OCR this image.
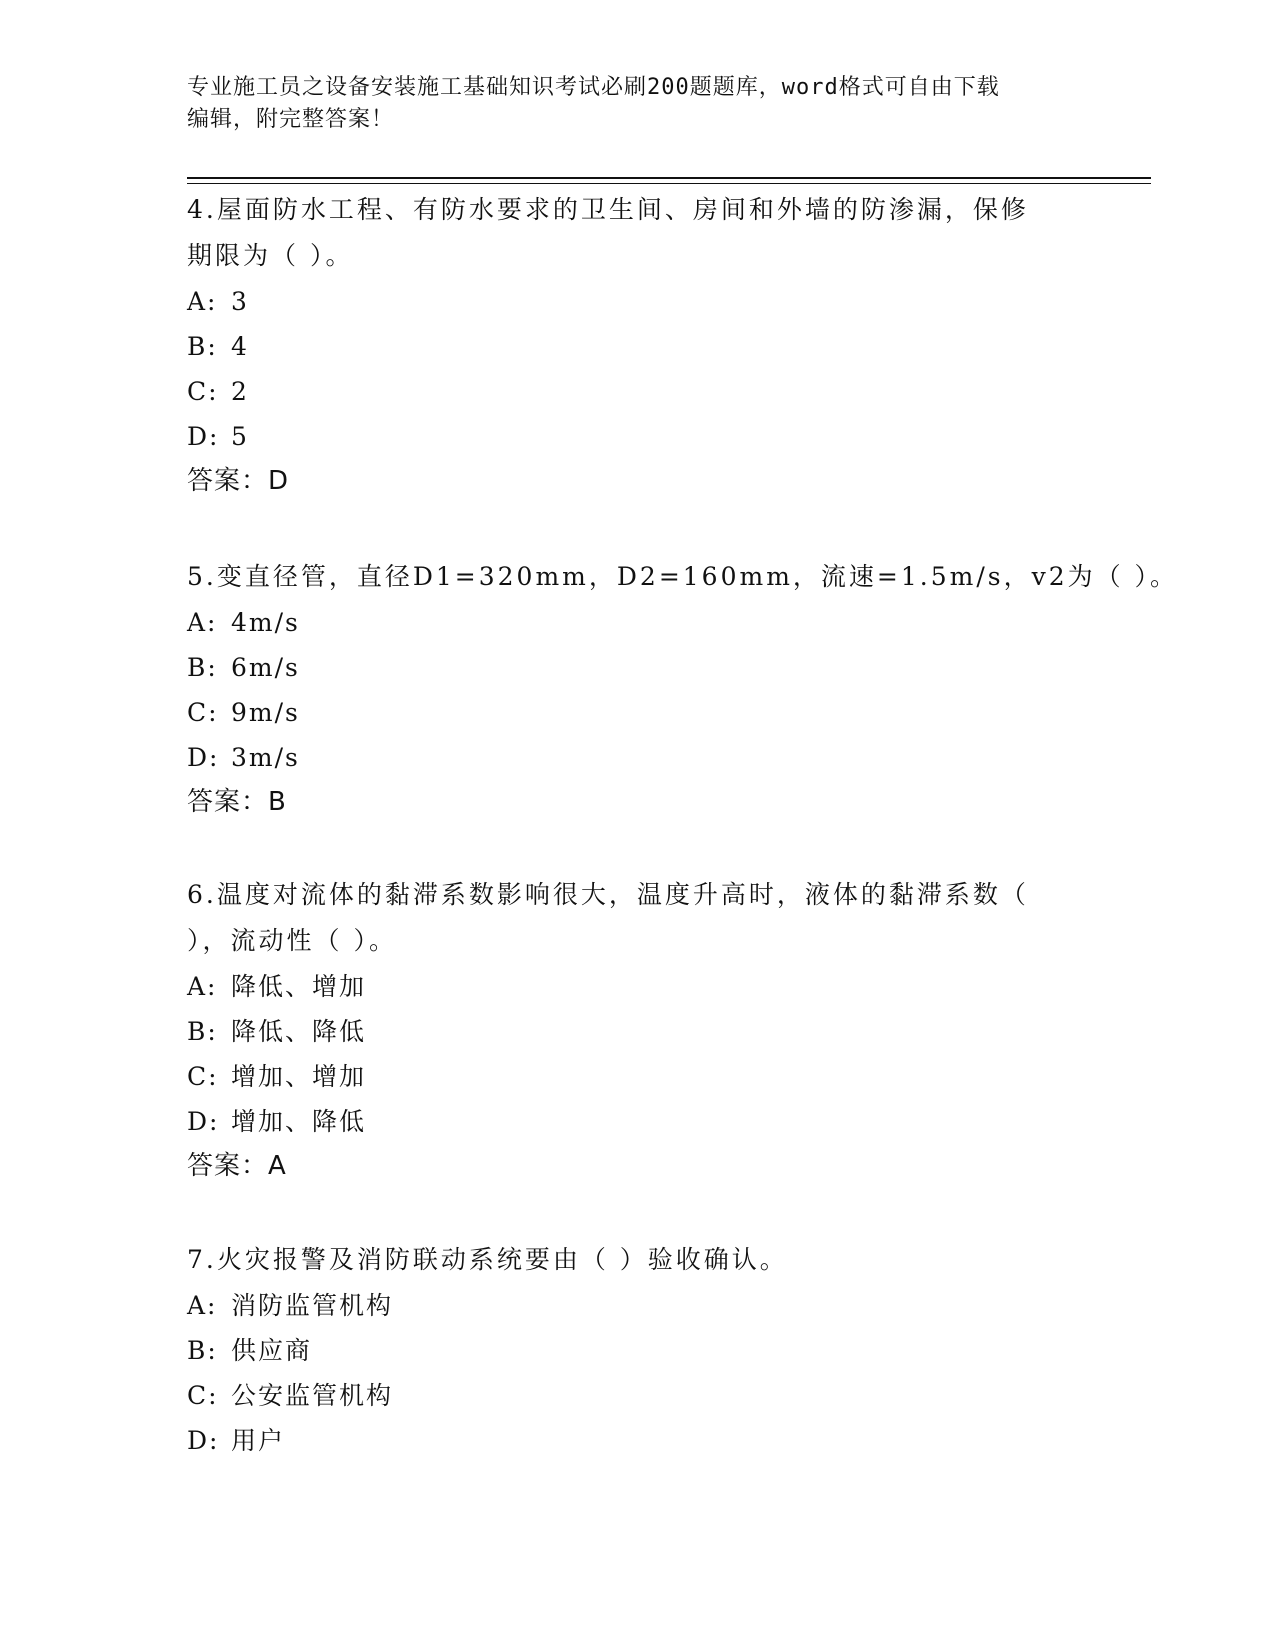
专业施工员之设备安装施工基础知识考试必刷200题题库，word格式可自由下载
编辑，附完整答案！
4.屋面防水工程、有防水要求的卫生间、房间和外墙的防渗漏，保修
期限为（ ）。
A: 3
B: 4
C: 2
D: 5
答案：D
5.变直径管，直径D1=320mm，D2=160mm，流速=1.5m/s，v2为（ ）。
A: 4m/s
B: 6m/s
C: 9m/s
D: 3m/s
答案：B
6.温度对流体的黏滞系数影响很大，温度升高时，液体的黏滞系数（
），流动性（ ）。
A: 降低、增加
B: 降低、降低
C: 增加、增加
D: 增加、降低
答案：A
7.火灾报警及消防联动系统要由（ ）验收确认。
A: 消防监管机构
B: 供应商
C: 公安监管机构
D: 用户
